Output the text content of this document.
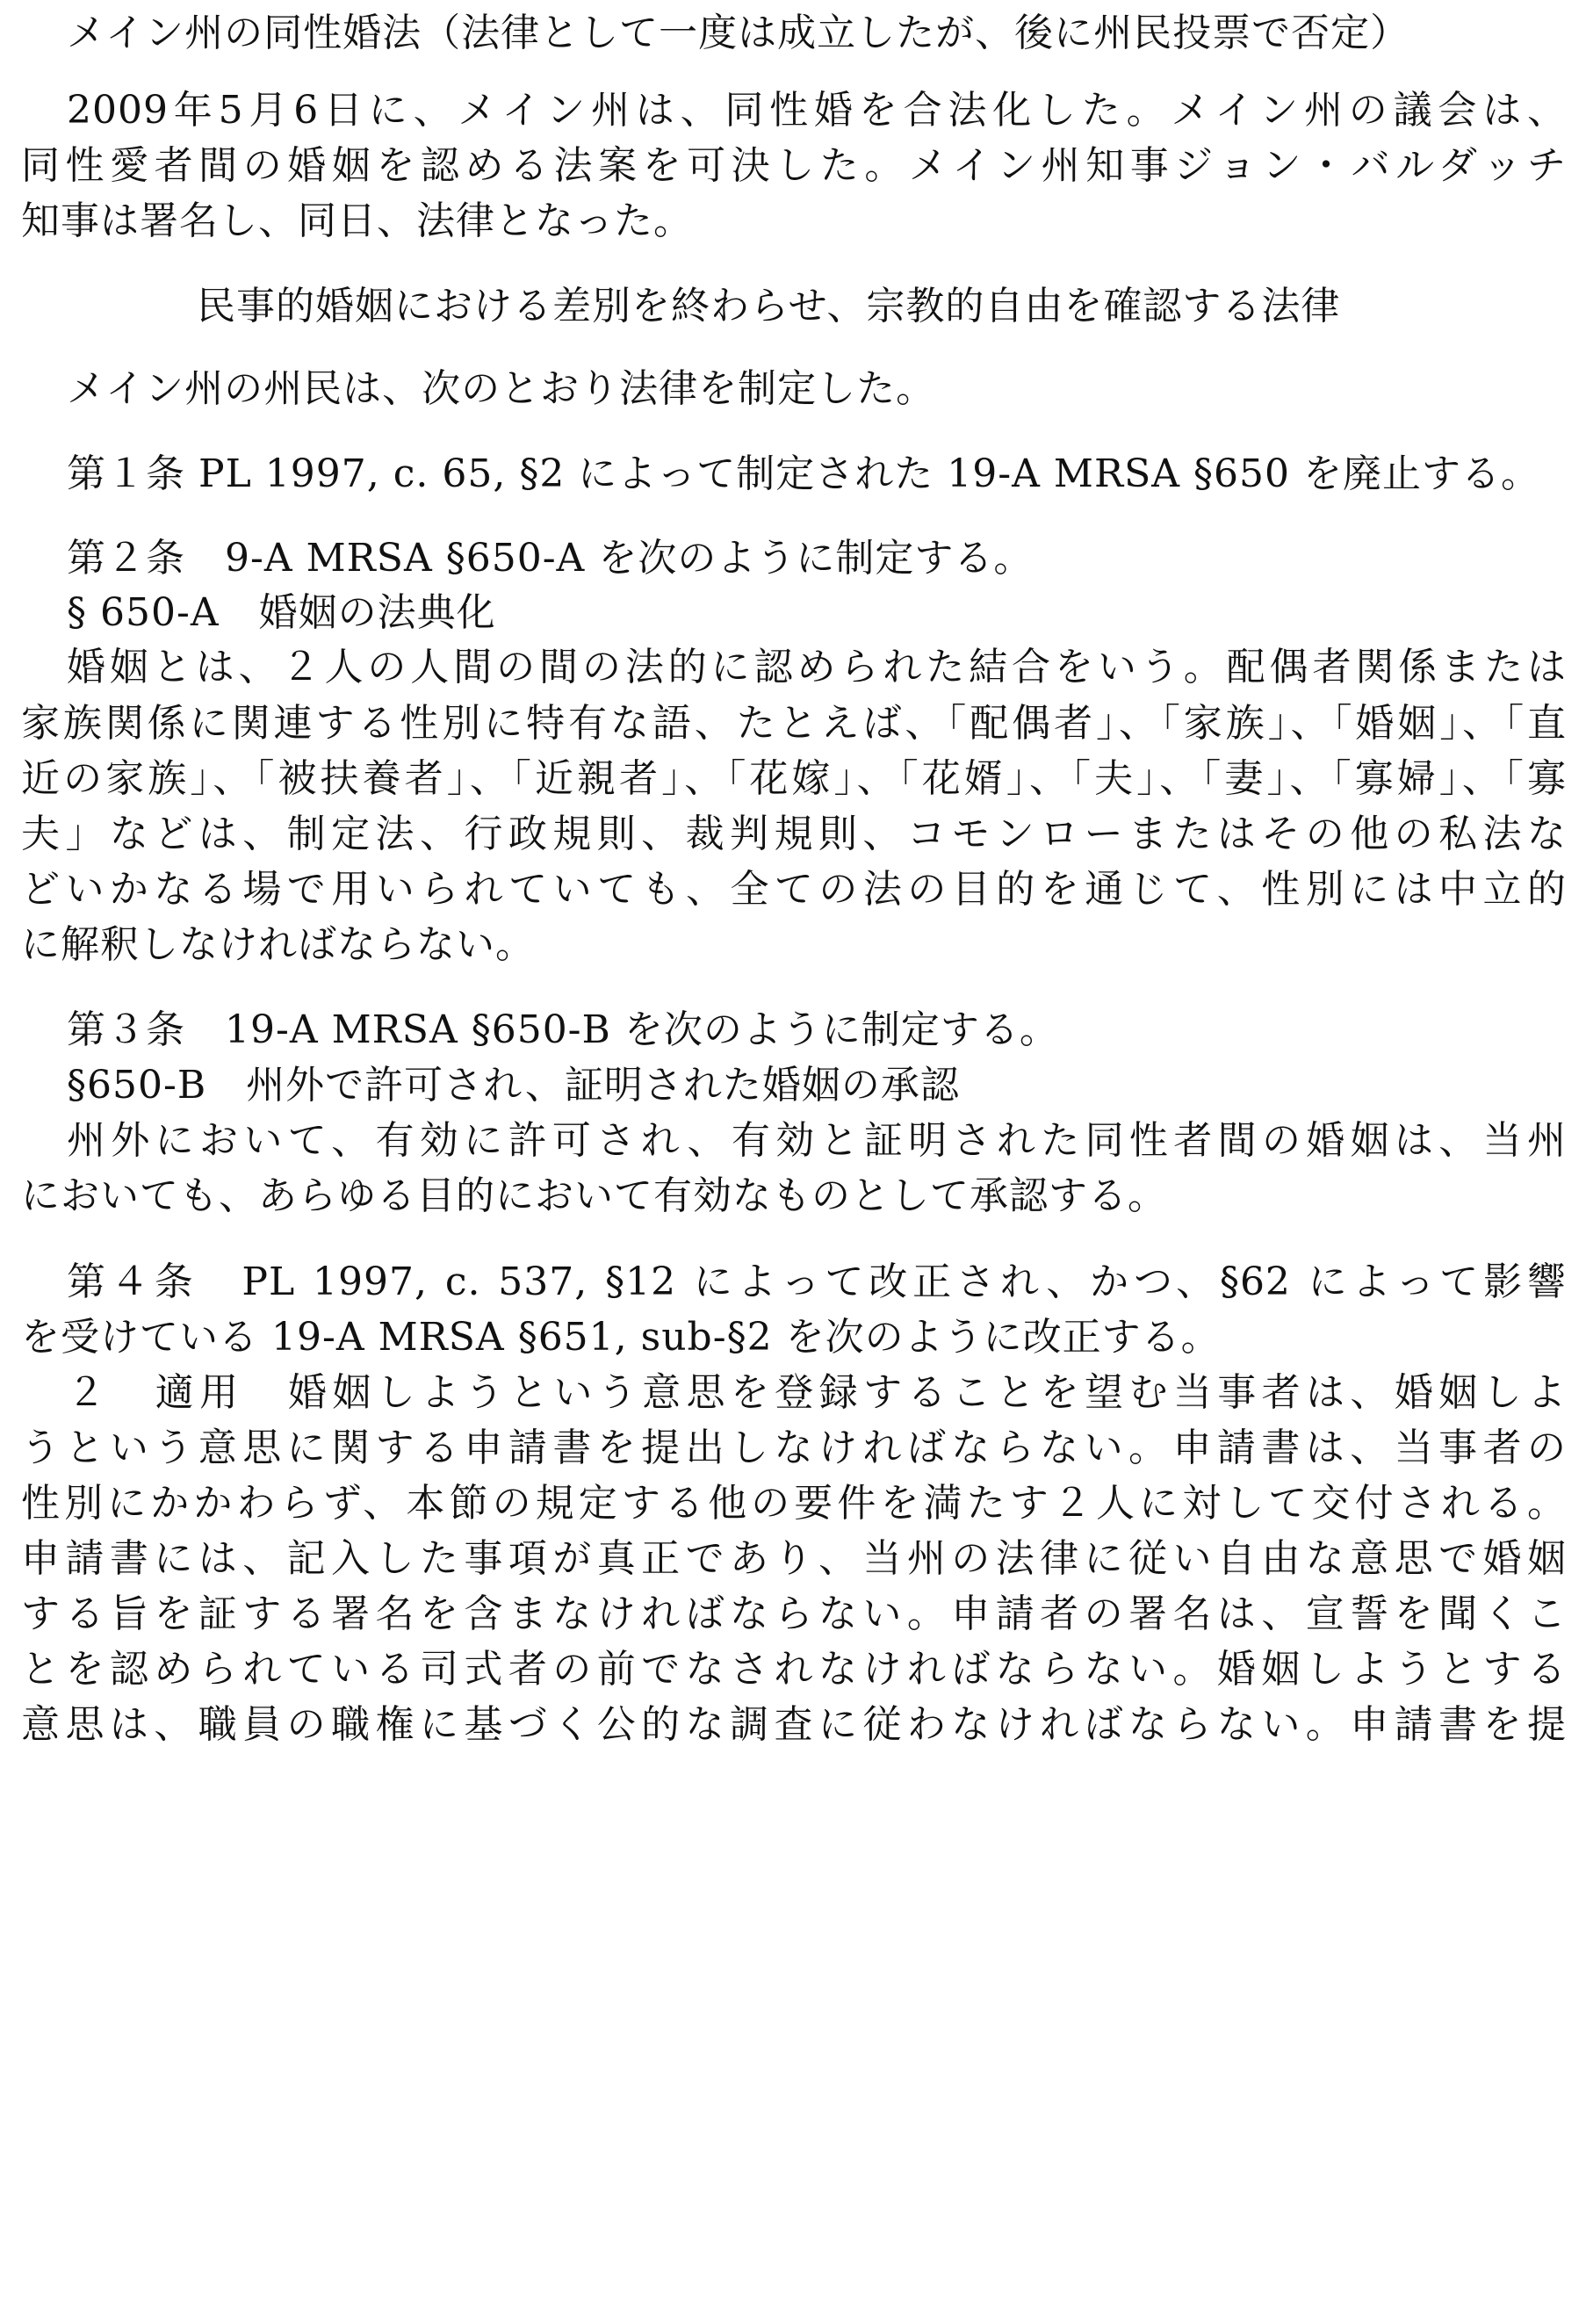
メイン州の同性婚法（法律として一度は成立したが、後に州民投票で否定）

2009年5月6日に、メイン州は、同性婚を合法化した。メイン州の議会は、

同性愛者間の婚姻を認める法案を可決した。メイン州知事ジョン・バルダッチ

知事は署名し、同日、法律となった。

民事的婚姻における差別を終わらせ、宗教的自由を確認する法律

メイン州の州民は、次のとおり法律を制定した。

第１条 PL 1997, c. 65, §2 によって制定された 19-A MRSA §650 を廃止する。

第２条　9-A MRSA §650-A を次のように制定する。

§ 650-A　婚姻の法典化

婚姻とは、２人の人間の間の法的に認められた結合をいう。配偶者関係または

家族関係に関連する性別に特有な語、たとえば、「配偶者」、「家族」、「婚姻」、「直

近の家族」、「被扶養者」、「近親者」、「花嫁」、「花婿」、「夫」、「妻」、「寡婦」、「寡

夫」などは、制定法、行政規則、裁判規則、コモンローまたはその他の私法な

どいかなる場で用いられていても、全ての法の目的を通じて、性別には中立的

に解釈しなければならない。

第３条　19-A MRSA §650-B を次のように制定する。

§650-B　州外で許可され、証明された婚姻の承認

州外において、有効に許可され、有効と証明された同性者間の婚姻は、当州

においても、あらゆる目的において有効なものとして承認する。

第４条　PL 1997, c. 537, §12 によって改正され、かつ、§62 によって影響

を受けている 19-A MRSA §651, sub-§2 を次のように改正する。

２　適用　婚姻しようという意思を登録することを望む当事者は、婚姻しよ

うという意思に関する申請書を提出しなければならない。申請書は、当事者の

性別にかかわらず、本節の規定する他の要件を満たす２人に対して交付される。

申請書には、記入した事項が真正であり、当州の法律に従い自由な意思で婚姻

する旨を証する署名を含まなければならない。申請者の署名は、宣誓を聞くこ

とを認められている司式者の前でなされなければならない。婚姻しようとする

意思は、職員の職権に基づく公的な調査に従わなければならない。申請書を提
